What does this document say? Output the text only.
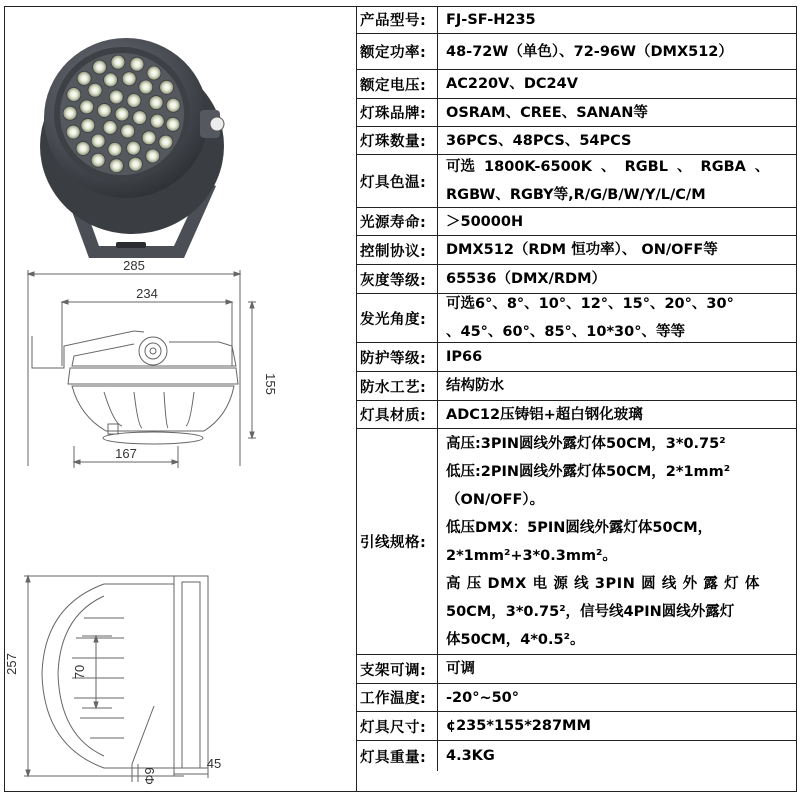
285
234
155
167
257	70
Φ9
45
产品型号:	FJ-SF-H235
额定功率:	48-72W（单色）、72-96W（DMX512）
额定电压:	AC220V、DC24V
灯珠品牌:	OSRAM、CREE、SANAN等
灯珠数量:	36PCS、48PCS、54PCS
灯具色温:
可选 1800K-6500K 、 RGBL 、 RGBA 、
RGBW、RGBY等,R/G/B/W/Y/L/C/M
光源寿命:	＞50000H
控制协议:	DMX512（RDM 恒功率）、 ON/OFF等
灰度等级:	65536（DMX/RDM）
发光角度:
可选6°、8°、10°、12°、15°、20°、30°
、45°、60°、85°、10*30°、等等
防护等级:	IP66
防水工艺:	结构防水
灯具材质:	ADC12压铸铝+超白钢化玻璃
引线规格:
高压:3PIN圆线外露灯体50CM，3*0.75²
低压:2PIN圆线外露灯体50CM，2*1mm²
（ON/OFF）。
低压DMX：5PIN圆线外露灯体50CM，
2*1mm²+3*0.3mm²。
高 压 DMX 电 源 线 3PIN 圆 线 外 露 灯 体
50CM，3*0.75²，信号线4PIN圆线外露灯
体50CM，4*0.5²。
支架可调:	可调
工作温度:	-20°~50°
灯具尺寸:	¢235*155*287MM
灯具重量:	4.3KG
